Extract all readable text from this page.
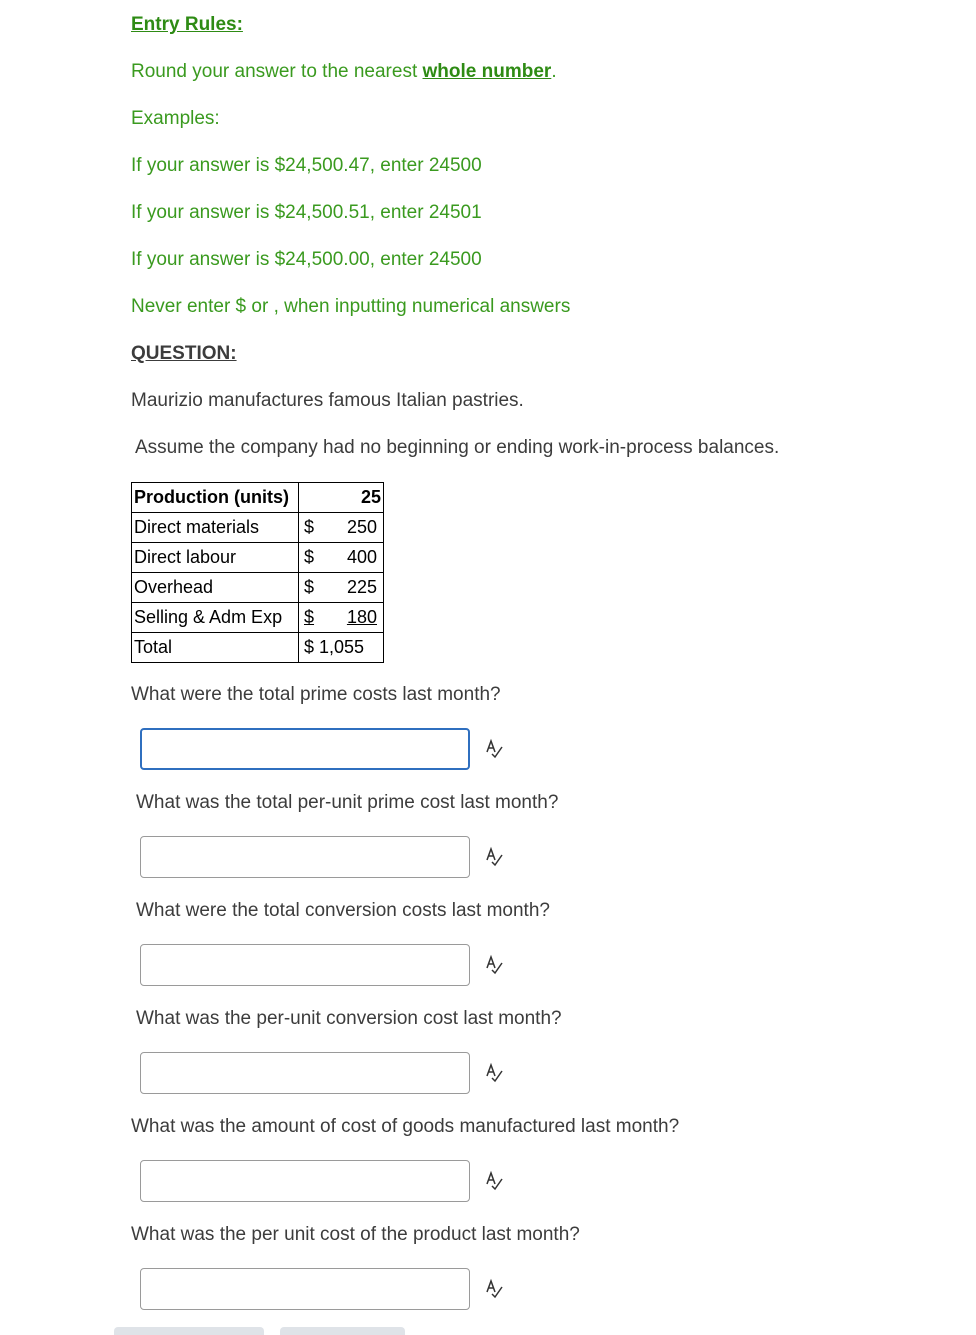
Entry Rules:
Round your answer to the nearest whole number.
Examples:
If your answer is $24,500.47, enter 24500
If your answer is $24,500.51, enter 24501
If your answer is $24,500.00, enter 24500
Never enter $ or , when inputting numerical answers
QUESTION:
Maurizio manufactures famous Italian pastries.
Assume the company had no beginning or ending work-in-process balances.
Production (units)	25
Direct materials	$ 250

Direct labour	$ 400

Overhead	$ 225

Selling & Adm Exp	$ 180

Total	$ 1,055
What were the total prime costs last month?
What was the total per-unit prime cost last month?
What were the total conversion costs last month?
What was the per-unit conversion cost last month?
What was the amount of cost of goods manufactured last month?
What was the per unit cost of the product last month?
